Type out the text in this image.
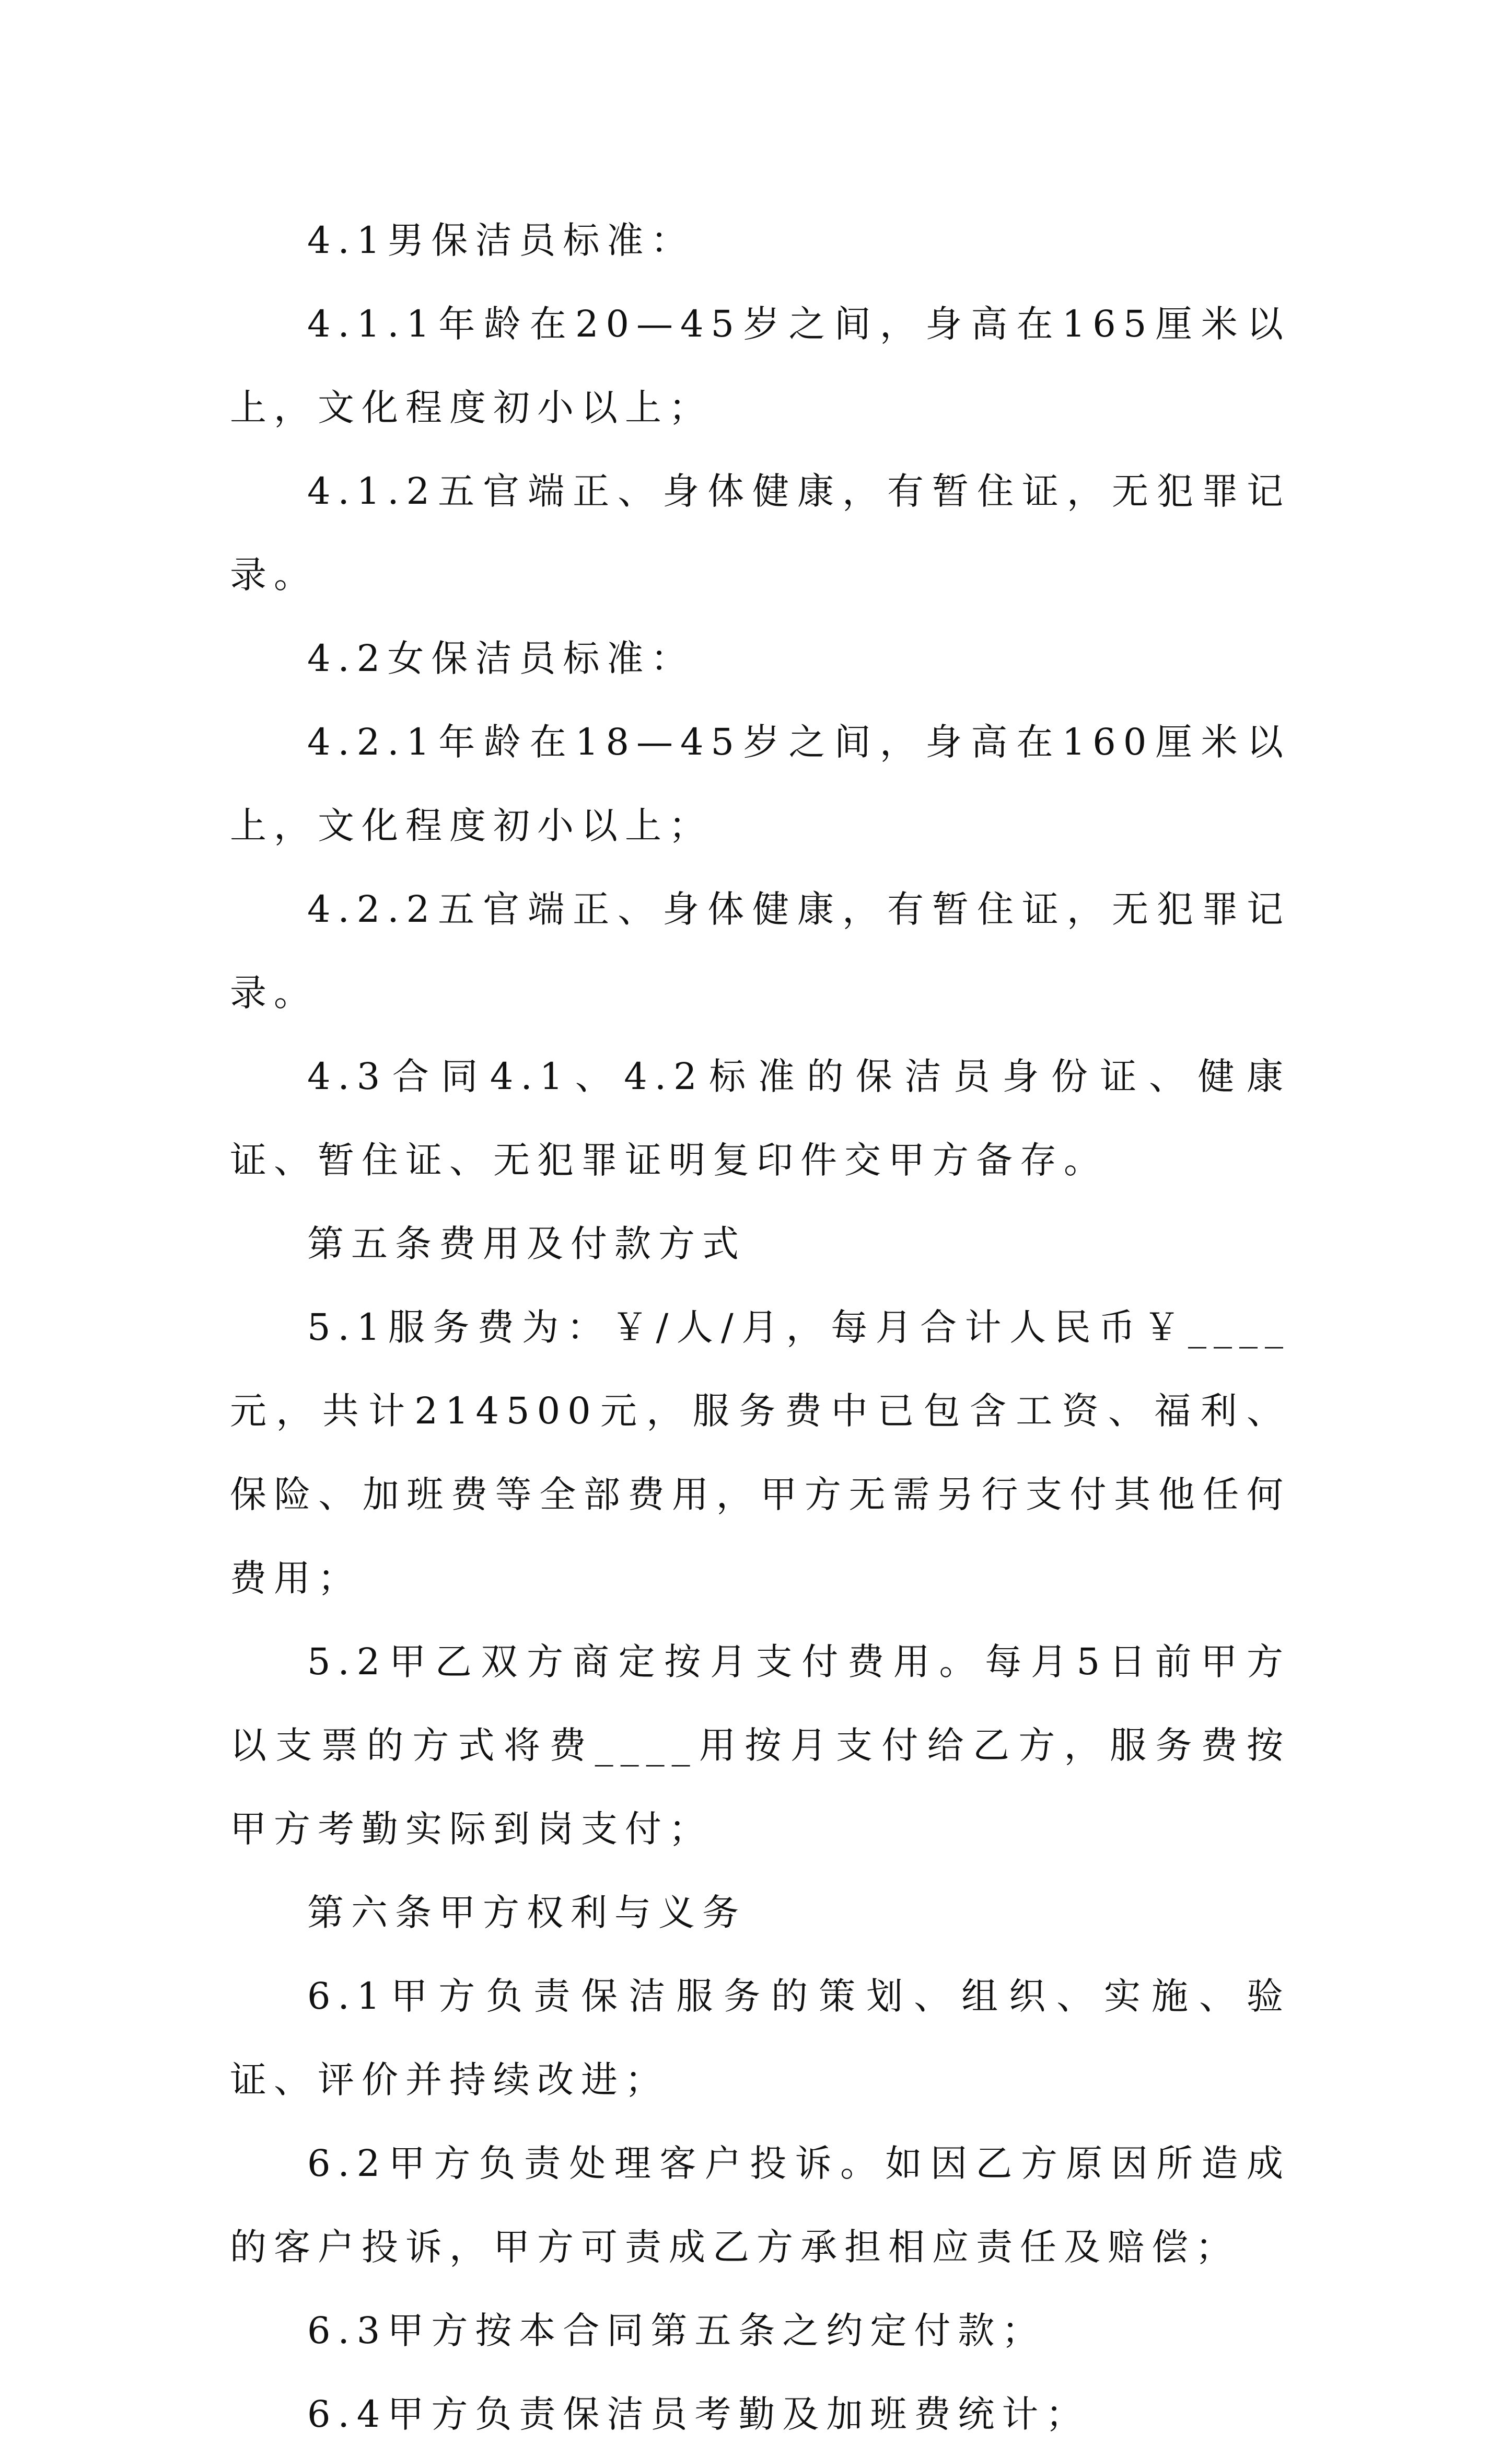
4.1男保洁员标准：

4.1.1年龄在20—45岁之间，身高在165厘米以上，文化程度初小以上；

4.1.2五官端正、身体健康，有暂住证，无犯罪记录。

4.2女保洁员标准：

4.2.1年龄在18—45岁之间，身高在160厘米以上，文化程度初小以上；

4.2.2五官端正、身体健康，有暂住证，无犯罪记录。

4.3合同4.1、4.2标准的保洁员身份证、健康证、暂住证、无犯罪证明复印件交甲方备存。

第五条费用及付款方式

5.1服务费为：￥/人/月，每月合计人民币￥____元，共计214500元，服务费中已包含工资、福利、保险、加班费等全部费用，甲方无需另行支付其他任何费用；

5.2甲乙双方商定按月支付费用。每月5日前甲方以支票的方式将费____用按月支付给乙方，服务费按甲方考勤实际到岗支付；

第六条甲方权利与义务

6.1甲方负责保洁服务的策划、组织、实施、验证、评价并持续改进；

6.2甲方负责处理客户投诉。如因乙方原因所造成的客户投诉，甲方可责成乙方承担相应责任及赔偿；

6.3甲方按本合同第五条之约定付款；

6.4甲方负责保洁员考勤及加班费统计；
